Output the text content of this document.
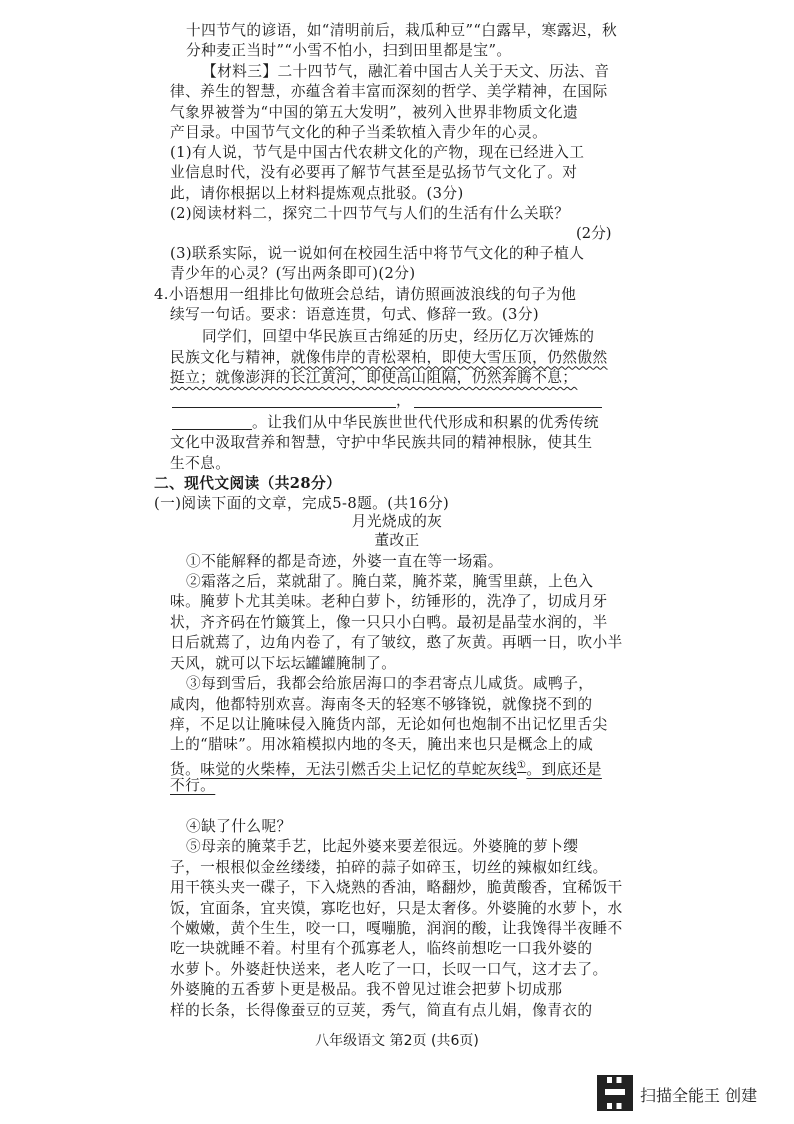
十四节气的谚语，如“清明前后，栽瓜种豆”“白露早，寒露迟，秋
分种麦正当时”“小雪不怕小，扫到田里都是宝”。
【材料三】二十四节气，融汇着中国古人关于天文、历法、音
律、养生的智慧，亦蕴含着丰富而深刻的哲学、美学精神，在国际
气象界被誉为“中国的第五大发明”，被列入世界非物质文化遗
产目录。中国节气文化的种子当柔软植入青少年的心灵。
(1)有人说，节气是中国古代农耕文化的产物，现在已经进入工
业信息时代，没有必要再了解节气甚至是弘扬节气文化了。对
此，请你根据以上材料提炼观点批驳。(3分)
(2)阅读材料二，探究二十四节气与人们的生活有什么关联？
(2分)
(3)联系实际，说一说如何在校园生活中将节气文化的种子植人
青少年的心灵？(写出两条即可)(2分)
4.小语想用一组排比句做班会总结，请仿照画波浪线的句子为他
续写一句话。要求：语意连贯，句式、修辞一致。(3分)
同学们，回望中华民族亘古绵延的历史，经历亿万次锤炼的
民族文化与精神，就像伟岸的青松翠柏，即使大雪压顶，仍然傲然
挺立；就像澎湃的长江黄河，即使高山阻隔，仍然奔腾不息；
，
。让我们从中华民族世世代代形成和积累的优秀传统
文化中汲取营养和智慧，守护中华民族共同的精神根脉，使其生
生不息。
二、现代文阅读（共28分）
(一)阅读下面的文章，完成5-8题。(共16分)
月光烧成的灰
董改正
①不能解释的都是奇迹，外婆一直在等一场霜。
②霜落之后，菜就甜了。腌白菜，腌芥菜，腌雪里蕻，上色入
味。腌萝卜尤其美味。老种白萝卜，纺锤形的，洗净了，切成月牙
状，齐齐码在竹簸箕上，像一只只小白鸭。最初是晶莹水润的，半
日后就蔫了，边角内卷了，有了皱纹，憨了灰黄。再晒一日，吹小半
天风，就可以下坛坛罐罐腌制了。
③每到雪后，我都会给旅居海口的李君寄点儿咸货。咸鸭子，
咸肉，他都特别欢喜。海南冬天的轻寒不够锋锐，就像挠不到的
痒，不足以让腌味侵入腌货内部，无论如何也炮制不出记忆里舌尖
上的“腊味”。用冰箱模拟内地的冬天，腌出来也只是概念上的咸
货。味觉的火柴棒，无法引燃舌尖上记忆的草蛇灰线①。到底还是
不行。
④缺了什么呢？
⑤母亲的腌菜手艺，比起外婆来要差很远。外婆腌的萝卜缨
子，一根根似金丝缕缕，拍碎的蒜子如碎玉，切丝的辣椒如红线。
用干筷头夹一碟子，下入烧熟的香油，略翻炒，脆黄酸香，宜稀饭干
饭，宜面条，宜夹馍，寡吃也好，只是太奢侈。外婆腌的水萝卜，水
个嫩嫩，黄个生生，咬一口，嘎嘣脆，润润的酸，让我馋得半夜睡不
吃一块就睡不着。村里有个孤寡老人，临终前想吃一口我外婆的
水萝卜。外婆赶快送来，老人吃了一口，长叹一口气，这才去了。
外婆腌的五香萝卜更是极品。我不曾见过谁会把萝卜切成那
样的长条，长得像蚕豆的豆荚，秀气，简直有点儿娟，像青衣的
八年级语文 第2页 (共6页)
扫描全能王 创建
